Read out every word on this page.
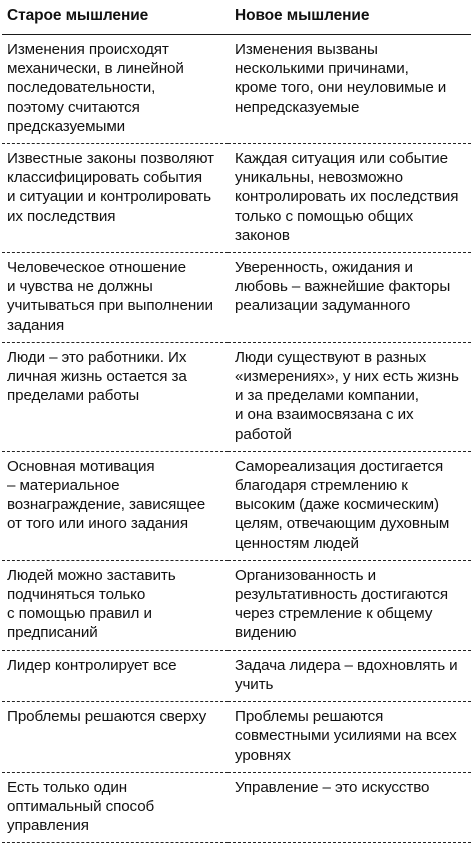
Старое мышление	Новое мышление

Изменения происходят
механически, в линейной
последовательности,
поэтому считаются
предсказуемыми	Изменения вызваны
несколькими причинами,
кроме того, они неуловимые и
непредсказуемые

Известные законы позволяют
классифицировать события
и ситуации и контролировать
их последствия	Каждая ситуация или событие
уникальны, невозможно
контролировать их последствия
только с помощью общих
законов

Человеческое отношение
и чувства не должны
учитываться при выполнении
задания	Уверенность, ожидания и
любовь – важнейшие факторы
реализации задуманного

Люди – это работники. Их
личная жизнь остается за
пределами работы	Люди существуют в разных
«измерениях», у них есть жизнь
и за пределами компании,
и она взаимосвязана с их
работой

Основная мотивация
– материальное
вознаграждение, зависящее
от того или иного задания	Самореализация достигается
благодаря стремлению к
высоким (даже космическим)
целям, отвечающим духовным
ценностям людей

Людей можно заставить
подчиняться только
с помощью правил и
предписаний	Организованность и
результативность достигаются
через стремление к общему
видению

Лидер контролирует все	Задача лидера – вдохновлять и
учить

Проблемы решаются сверху	Проблемы решаются
совместными усилиями на всех
уровнях

Есть только один
оптимальный способ
управления	Управление – это искусство
